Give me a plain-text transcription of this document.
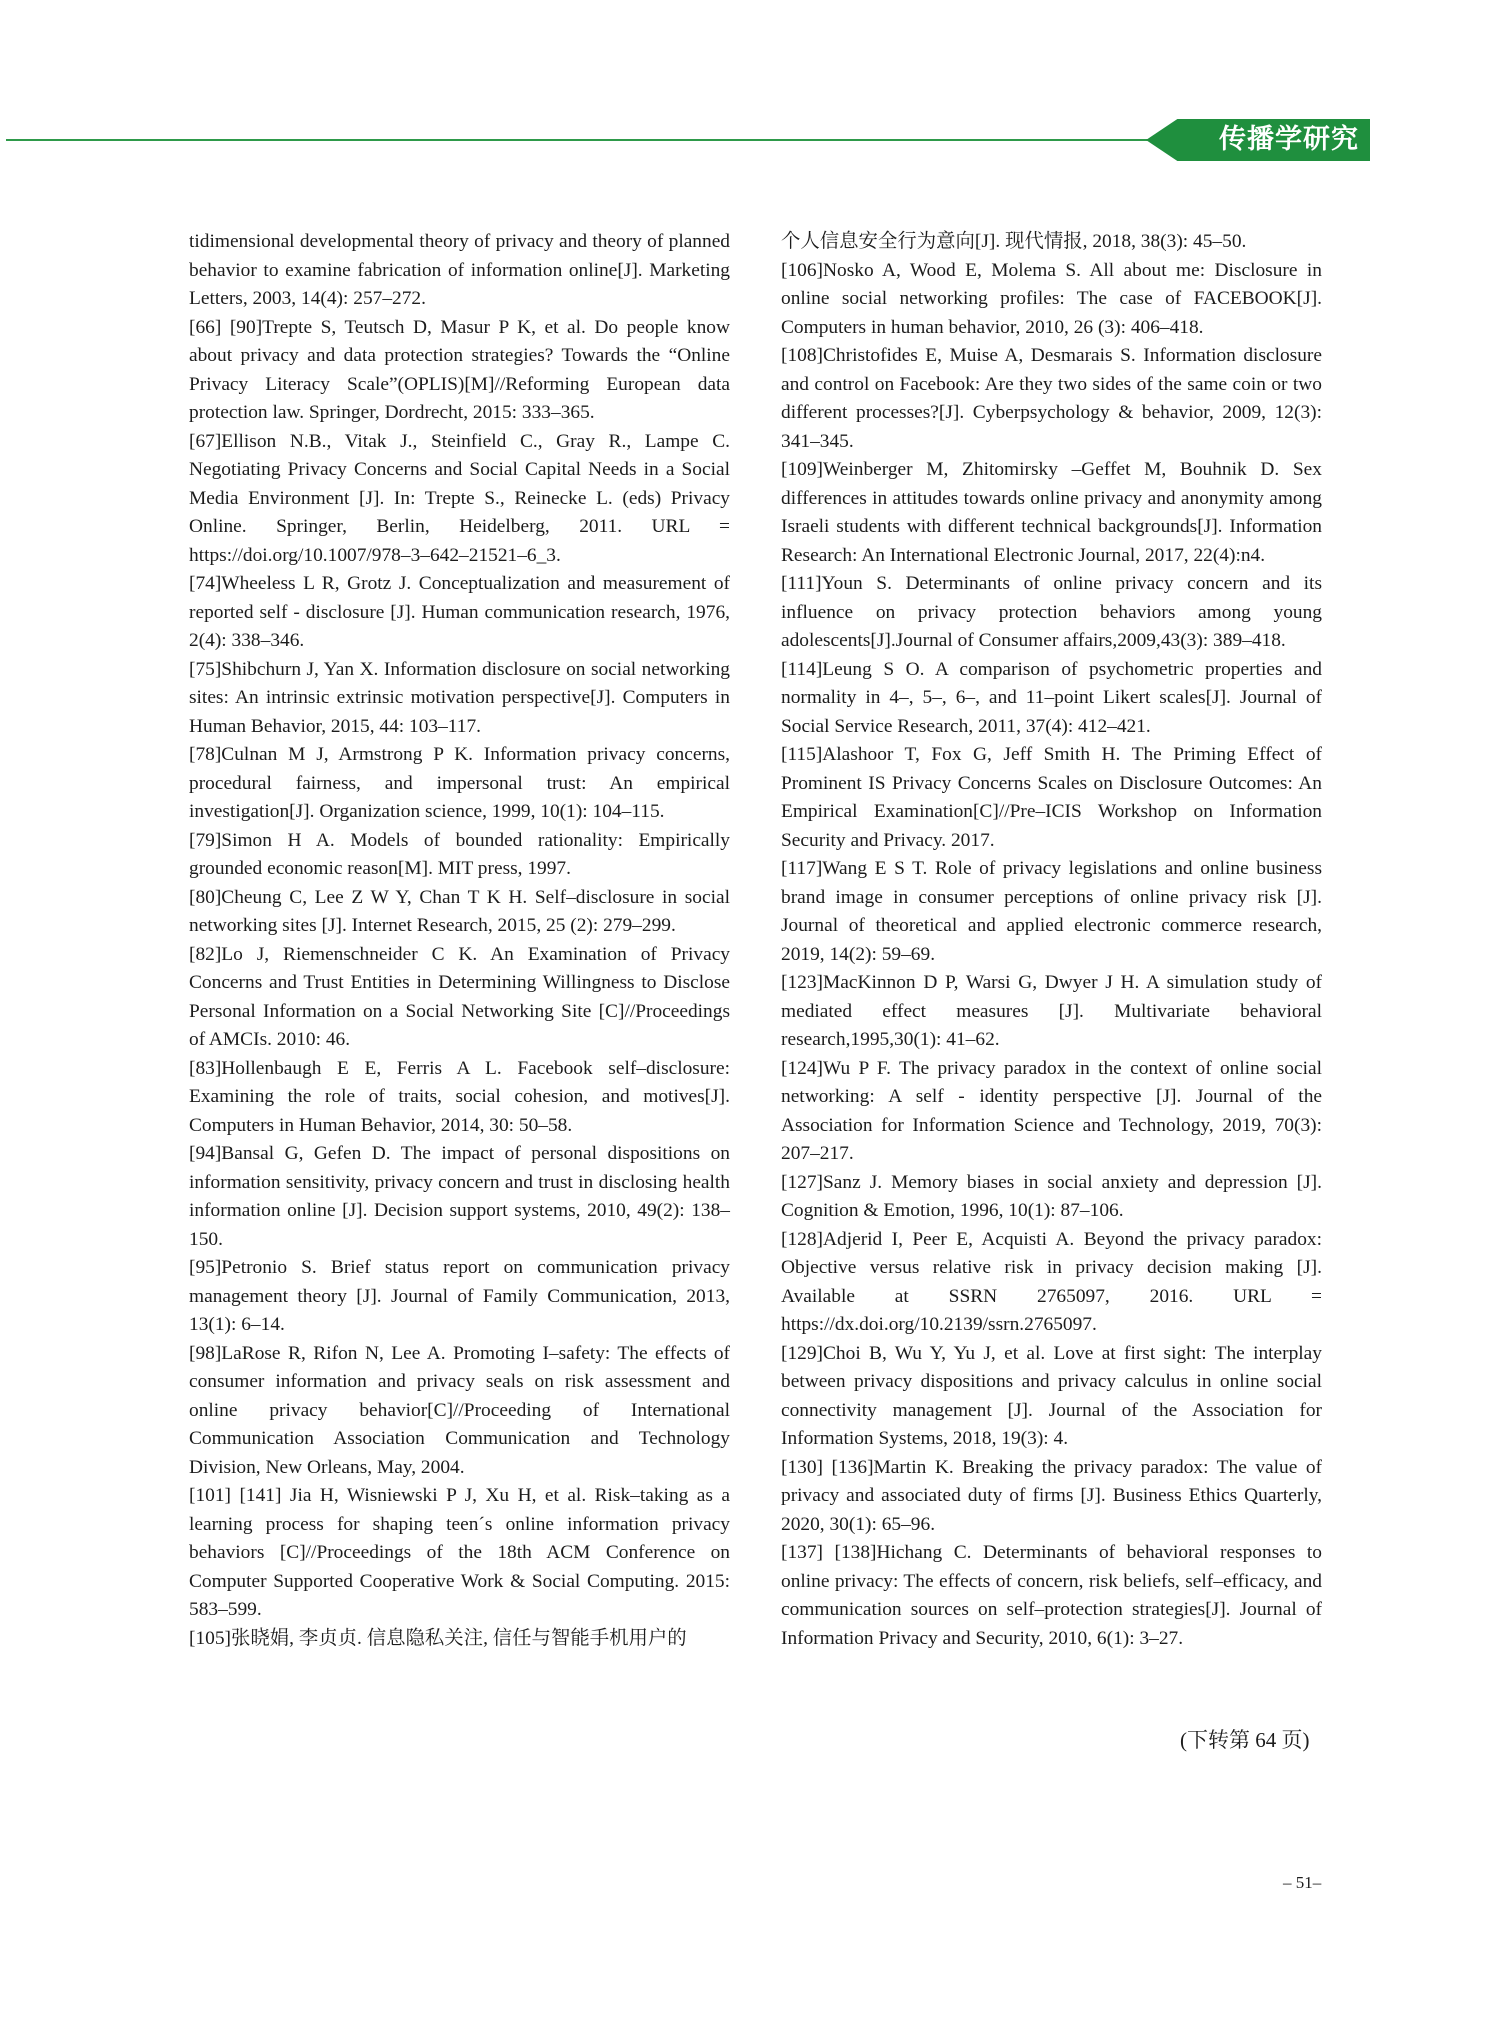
传播学研究

tidimensional developmental theory of privacy and theory of planned behavior to examine fabrication of information online[J]. Marketing Letters, 2003, 14(4): 257–272.

[66] [90]Trepte S, Teutsch D, Masur P K, et al. Do people know about privacy and data protection strategies? Towards the “Online Privacy Literacy Scale”(OPLIS)[M]//Reforming European data protection law. Springer, Dordrecht, 2015: 333–365.

[67]Ellison N.B., Vitak J., Steinfield C., Gray R., Lampe C. Negotiating Privacy Concerns and Social Capital Needs in a Social Media Environment [J]. In: Trepte S., Reinecke L. (eds) Privacy Online. Springer, Berlin, Heidelberg, 2011. URL = https://doi.org/10.1007/978–3–642–21521–6_3.

[74]Wheeless L R, Grotz J. Conceptualization and measurement of reported self - disclosure [J]. Human communication research, 1976, 2(4): 338–346.

[75]Shibchurn J, Yan X. Information disclosure on social networking sites: An intrinsic extrinsic motivation perspective[J]. Computers in Human Behavior, 2015, 44: 103–117.

[78]Culnan M J, Armstrong P K. Information privacy concerns, procedural fairness, and impersonal trust: An empirical investigation[J]. Organization science, 1999, 10(1): 104–115.

[79]Simon H A. Models of bounded rationality: Empirically grounded economic reason[M]. MIT press, 1997.

[80]Cheung C, Lee Z W Y, Chan T K H. Self–disclosure in social networking sites [J]. Internet Research, 2015, 25 (2): 279–299.

[82]Lo J, Riemenschneider C K. An Examination of Privacy Concerns and Trust Entities in Determining Willingness to Disclose Personal Information on a Social Networking Site [C]//Proceedings of AMCIs. 2010: 46.

[83]Hollenbaugh E E, Ferris A L. Facebook self–disclosure: Examining the role of traits, social cohesion, and motives[J]. Computers in Human Behavior, 2014, 30: 50–58.

[94]Bansal G, Gefen D. The impact of personal dispositions on information sensitivity, privacy concern and trust in disclosing health information online [J]. Decision support systems, 2010, 49(2): 138–150.

[95]Petronio S. Brief status report on communication privacy management theory [J]. Journal of Family Communication, 2013, 13(1): 6–14.

[98]LaRose R, Rifon N, Lee A. Promoting I–safety: The effects of consumer information and privacy seals on risk assessment and online privacy behavior[C]//Proceeding of International Communication Association Communication and Technology Division, New Orleans, May, 2004.

[101] [141] Jia H, Wisniewski P J, Xu H, et al. Risk–taking as a learning process for shaping teen´s online information privacy behaviors [C]//Proceedings of the 18th ACM Conference on Computer Supported Cooperative Work & Social Computing. 2015: 583–599.

[105]张晓娟, 李贞贞. 信息隐私关注, 信任与智能手机用户的

个人信息安全行为意向[J]. 现代情报, 2018, 38(3): 45–50.

[106]Nosko A, Wood E, Molema S. All about me: Disclosure in online social networking profiles: The case of FACEBOOK[J]. Computers in human behavior, 2010, 26 (3): 406–418.

[108]Christofides E, Muise A, Desmarais S. Information disclosure and control on Facebook: Are they two sides of the same coin or two different processes?[J]. Cyberpsychology & behavior, 2009, 12(3): 341–345.

[109]Weinberger M, Zhitomirsky –Geffet M, Bouhnik D. Sex differences in attitudes towards online privacy and anonymity among Israeli students with different technical backgrounds[J]. Information Research: An International Electronic Journal, 2017, 22(4):n4.

[111]Youn S. Determinants of online privacy concern and its influence on privacy protection behaviors among young adolescents[J].Journal of Consumer affairs,2009,43(3): 389–418.

[114]Leung S O. A comparison of psychometric properties and normality in 4–, 5–, 6–, and 11–point Likert scales[J]. Journal of Social Service Research, 2011, 37(4): 412–421.

[115]Alashoor T, Fox G, Jeff Smith H. The Priming Effect of Prominent IS Privacy Concerns Scales on Disclosure Outcomes: An Empirical Examination[C]//Pre–ICIS Workshop on Information Security and Privacy. 2017.

[117]Wang E S T. Role of privacy legislations and online business brand image in consumer perceptions of online privacy risk [J]. Journal of theoretical and applied electronic commerce research, 2019, 14(2): 59–69.

[123]MacKinnon D P, Warsi G, Dwyer J H. A simulation study of mediated effect measures [J]. Multivariate behavioral research,1995,30(1): 41–62.

[124]Wu P F. The privacy paradox in the context of online social networking: A self - identity perspective [J]. Journal of the Association for Information Science and Technology, 2019, 70(3): 207–217.

[127]Sanz J. Memory biases in social anxiety and depression [J]. Cognition & Emotion, 1996, 10(1): 87–106.

[128]Adjerid I, Peer E, Acquisti A. Beyond the privacy paradox: Objective versus relative risk in privacy decision making [J]. Available at SSRN 2765097, 2016. URL = https://dx.doi.org/10.2139/ssrn.2765097.

[129]Choi B, Wu Y, Yu J, et al. Love at first sight: The interplay between privacy dispositions and privacy calculus in online social connectivity management [J]. Journal of the Association for Information Systems, 2018, 19(3): 4.

[130] [136]Martin K. Breaking the privacy paradox: The value of privacy and associated duty of firms [J]. Business Ethics Quarterly, 2020, 30(1): 65–96.

[137] [138]Hichang C. Determinants of behavioral responses to online privacy: The effects of concern, risk beliefs, self–efficacy, and communication sources on self–protection strategies[J]. Journal of Information Privacy and Security, 2010, 6(1): 3–27.

(下转第 64 页)
– 51–
